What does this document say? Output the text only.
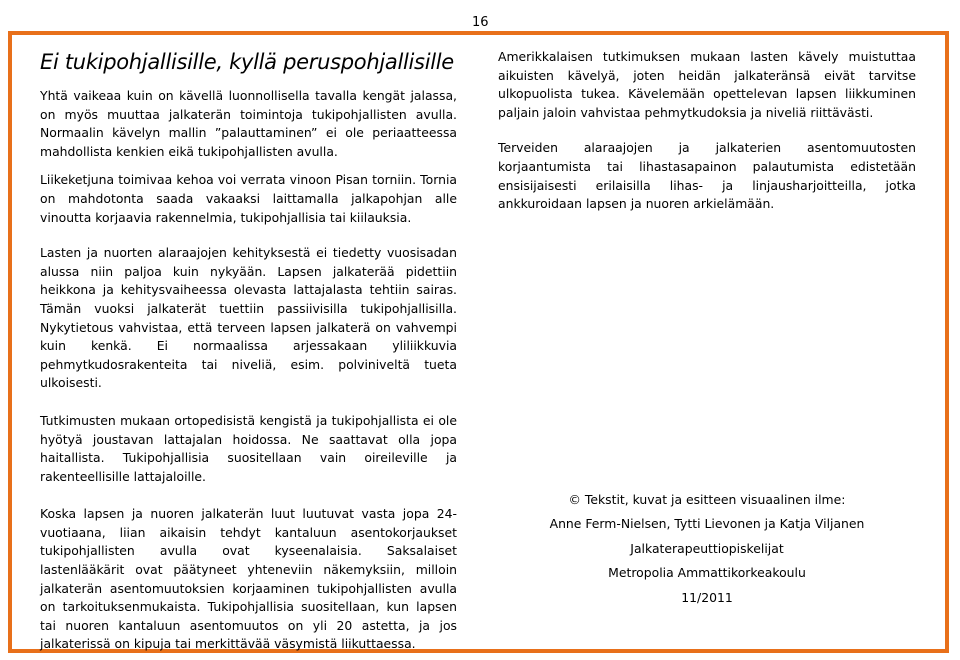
16
Ei tukipohjallisille, kyllä peruspohjallisille

Yhtä vaikeaa kuin on kävellä luonnollisella tavalla kengät jalassa, on myös muuttaa jalkaterän toimintoja tukipohjallisten avulla. Normaalin kävelyn mallin ”palauttaminen” ei ole periaatteessa mahdollista kenkien eikä tukipohjallisten avulla.

Liikeketjuna toimivaa kehoa voi verrata vinoon Pisan torniin. Tornia on mahdotonta saada vakaaksi laittamalla jalkapohjan alle vinoutta korjaavia rakennelmia, tukipohjallisia tai kiilauksia.

Lasten ja nuorten alaraajojen kehityksestä ei tiedetty vuosisadan alussa niin paljoa kuin nykyään. Lapsen jalkaterää pidettiin heikkona ja kehitysvaiheessa olevasta lattajalasta tehtiin sairas. Tämän vuoksi jalkaterät tuettiin passiivisilla tukipohjallisilla. Nykytietous vahvistaa, että terveen lapsen jalkaterä on vahvempi kuin kenkä. Ei normaalissa arjessakaan yliliikkuvia pehmytkudosrakenteita tai niveliä, esim. polviniveltä tueta ulkoisesti.

Tutkimusten mukaan ortopedisistä kengistä ja tukipohjallista ei ole hyötyä joustavan lattajalan hoidossa. Ne saattavat olla jopa haitallista. Tukipohjallisia suositellaan vain oireileville ja rakenteellisille lattajaloille.

Koska lapsen ja nuoren jalkaterän luut luutuvat vasta jopa 24-vuotiaana, liian aikaisin tehdyt kantaluun asentokorjaukset tukipohjallisten avulla ovat kyseenalaisia. Saksalaiset lastenlääkärit ovat päätyneet yhteneviin näkemyksiin, milloin jalkaterän asentomuutoksien korjaaminen tukipohjallisten avulla on tarkoituksenmukaista. Tukipohjallisia suositellaan, kun lapsen tai nuoren kantaluun asentomuutos on yli 20 astetta, ja jos jalkaterissä on kipuja tai merkittävää väsymistä liikuttaessa.

Amerikkalaisen tutkimuksen mukaan lasten kävely muistuttaa aikuisten kävelyä, joten heidän jalkateränsä eivät tarvitse ulkopuolista tukea. Kävelemään opettelevan lapsen liikkuminen paljain jaloin vahvistaa pehmytkudoksia ja niveliä riittävästi.

Terveiden alaraajojen ja jalkaterien asentomuutosten korjaantumista tai lihastasapainon palautumista edistetään ensisijaisesti erilaisilla lihas- ja linjausharjoitteilla, jotka ankkuroidaan lapsen ja nuoren arkielämään.

© Tekstit, kuvat ja esitteen visuaalinen ilme:
Anne Ferm-Nielsen, Tytti Lievonen ja Katja Viljanen
Jalkaterapeuttiopiskelijat
Metropolia Ammattikorkeakoulu
11/2011
